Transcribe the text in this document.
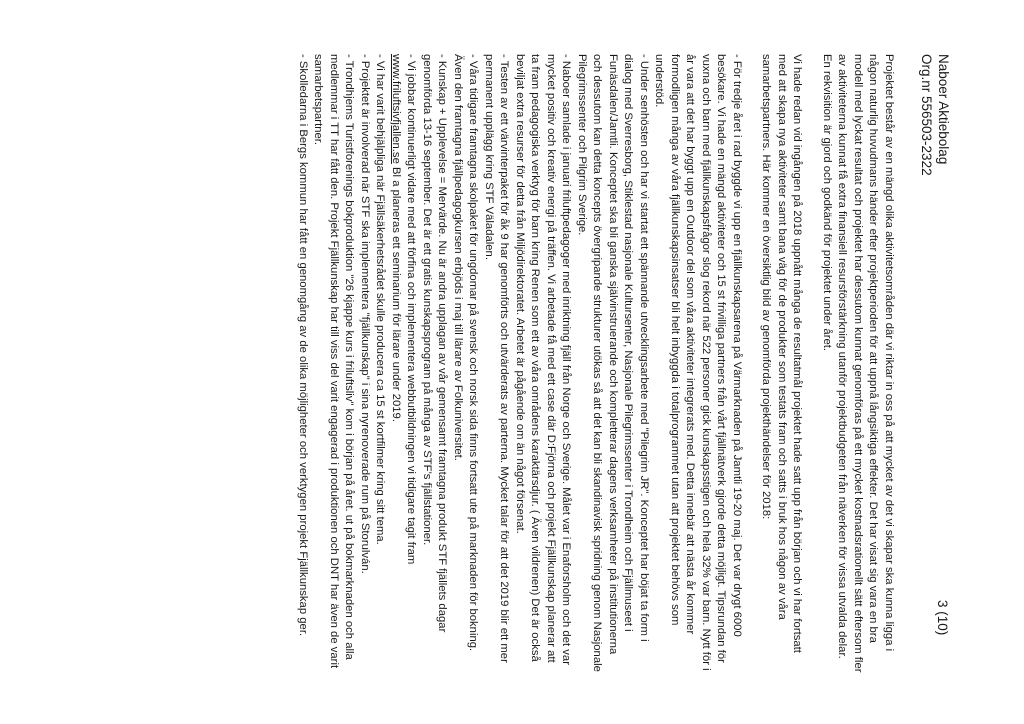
Naboer Aktiebolag
Org.nr 556503-2322
3 (10)

Projektet består av en mängd olika aktivitetsområden där vi riktar in oss på att mycket av det vi skapar ska kunna ligga i någon naturlig huvudmans händer efter projektperioden för att uppnå långsiktiga effekter. Det har visat sig vara en bra modell med lyckat resultat och projektet har dessutom kunnat genomföras på ett mycket kostnadsrationellt sätt eftersom fler av aktiviteterna kunnat få extra finansiell resursförstärkning utanför projektbudgeten från näverken för vissa utvalda delar. En rekvisition är gjord och godkänd för projektet under året.

Vi hade redan vid ingången på 2018 uppnått många de resultatmål projektet hade satt upp från början och vi har fortsatt med att skapa nya aktiviteter samt bana väg för de produkter som testats fram och satts i bruk hos någon av våra samarbetspartners. Här kommer en översiktlig bild av genomförda projekthändelser för 2018:

- För tredje året i rad byggde vi upp en fjällkunskapsarena på Värmarknaden på Jamtli 19-20 maj. Det var drygt 6000 besökare. Vi hade en mängd aktiviteter och 15 st frivilliga partners från vårt fjällnätverk gjorde detta möjligt. Tipsrundan för vuxna och barn med fjällkunskapsfrågor slog rekord när 522 personer gick kunskapsstigen och hela 32% var barn. Nytt för i år vara att det har byggt upp en Outdoor del som våra aktiviteter integrerats med. Detta innebär att nästa år kommer formodligen många av våra fjällkunskapsinsatser bli helt inbyggda i totalprogrammet utan att projektet behövs som understöd.

- Under senhösten och har vi startat ett spännande utvecklingsarbete med "Pilegrim JR". Konceptet har böjat ta form i dialog med Sverresborg, Stiklestad nasjonale Kultursenter, Nasjonale Pilegrimssenter i Trondheim och Fjällmuseet i Funäsdalen/Jamtli. Konceptet ska bli ganska självinstruerande och kompletterar dagens verksamheter på institutionerna och dessutom kan detta koncepts övergripande strukturer utökas så att det kan bli skandinavisk spridning genom Nasjonale Pilegrimssenter och Pilgrim Sverige.

- Naboer samlade i januari friluftpedagoger med inriktning fjäll från Norge och Sverige. Målet var i Enaforsholm och det var mycket positiv och kreativ energi på träffen. Vi arbetade få med ett case där D:Fjörna och projekt Fjällkunskap planerar att ta fram pedagogiska verktyg för barn kring Renen som ett av våra områdens karaktärsdjur. ( Även vildrenen) Det är också beviljat extra resurser för detta från Miljödirektoratet. Arbetet är pågående om än något försenat.

- Testen av ett värvinterpaket för åk 9 har genomförts och utvärderats av parterna. Mycket talar för att det 2019 blir ett mer permanent upplägg kring STF Väladalen.

- Våra tidigare framtagna skolpaket för ungdomar på svensk och norsk sida finns fortsatt ute på marknaden för bokning. Även den framtagna fjällpedagogkursen erbjöds i maj till lärare av Folkuniversitet.

- Kunskap + Upplevelse = Mervärde. Nu är andra upplagan av vår gemensamt framtagna produkt STF fjällets dagar genomförda 13-16 september. Det är ett gratis kunskapsprogram på många av STF's fjällstationer.

- Vi jobbar kontinuerligt vidare med att förfina och implementera webbutbildningen vi tidigare tagit fram www.friluftsivfjallen.se Bl a planeras ett seminarium för lärare under 2019.

- Vi har varit behjälpliga när Fjällsäkerhetsrådet skulle producera ca 15 st kortfilmer kring sitt tema.

- Projektet är involverad när STF ska implementera "fjällkunskap" i sina nyrenoverade rum på Storulván.

- Trondhjems Turistforenings bokproduktion "26 kjappe kurs i friluftsliv" kom i början på året. ut på bokmarknaden och alla medlemmar i TT har fått den. Projekt Fjällkunskap har till viss del varit engagerad i produktionen och DNT har även de varit samarbetspartner.

- Skolledarna i Bergs kommun har fått en genomgång av de olika möjligheter och verktygen projekt Fjällkunskap ger.
